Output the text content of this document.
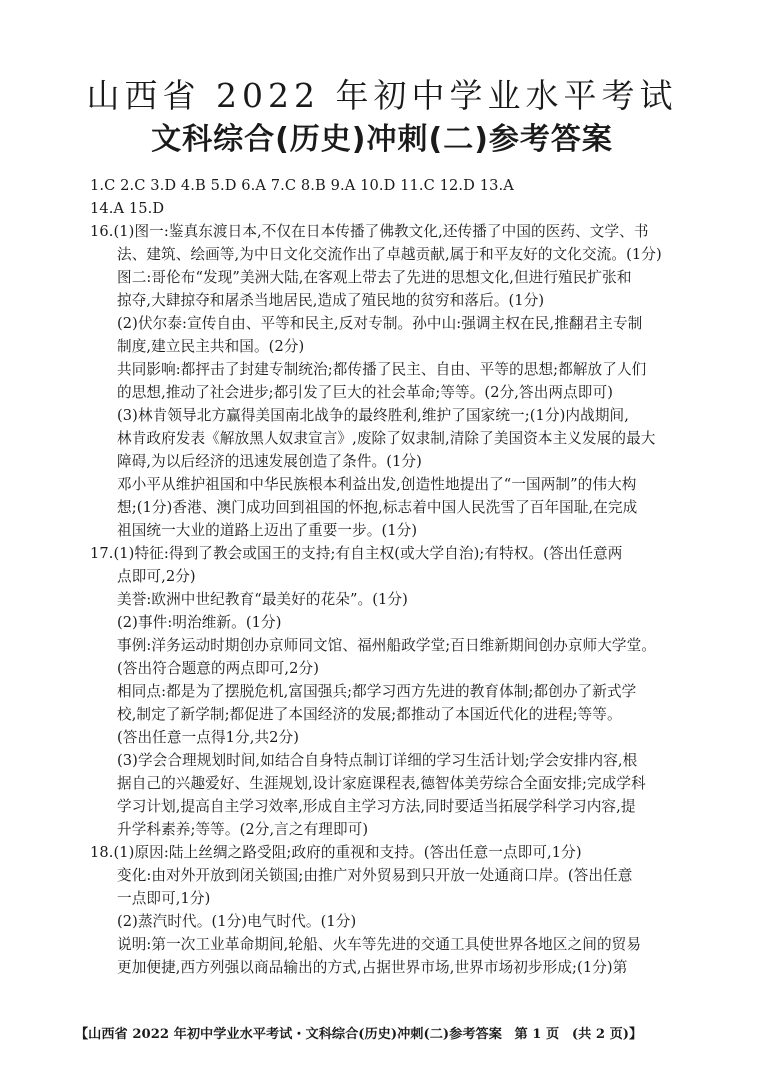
山西省 2022 年初中学业水平考试
文科综合(历史)冲刺(二)参考答案
1.C 2.C 3.D 4.B 5.D 6.A 7.C 8.B 9.A 10.D 11.C 12.D 13.A
14.A 15.D
16.(1)图一:鉴真东渡日本,不仅在日本传播了佛教文化,还传播了中国的医药、文学、书
法、建筑、绘画等,为中日文化交流作出了卓越贡献,属于和平友好的文化交流。(1分)
图二:哥伦布“发现”美洲大陆,在客观上带去了先进的思想文化,但进行殖民扩张和
掠夺,大肆掠夺和屠杀当地居民,造成了殖民地的贫穷和落后。(1分)
(2)伏尔泰:宣传自由、平等和民主,反对专制。孙中山:强调主权在民,推翻君主专制
制度,建立民主共和国。(2分)
共同影响:都抨击了封建专制统治;都传播了民主、自由、平等的思想;都解放了人们
的思想,推动了社会进步;都引发了巨大的社会革命;等等。(2分,答出两点即可)
(3)林肯领导北方赢得美国南北战争的最终胜利,维护了国家统一;(1分)内战期间,
林肯政府发表《解放黑人奴隶宣言》,废除了奴隶制,清除了美国资本主义发展的最大
障碍,为以后经济的迅速发展创造了条件。(1分)
邓小平从维护祖国和中华民族根本利益出发,创造性地提出了“一国两制”的伟大构
想;(1分)香港、澳门成功回到祖国的怀抱,标志着中国人民洗雪了百年国耻,在完成
祖国统一大业的道路上迈出了重要一步。(1分)
17.(1)特征:得到了教会或国王的支持;有自主权(或大学自治);有特权。(答出任意两
点即可,2分)
美誉:欧洲中世纪教育“最美好的花朵”。(1分)
(2)事件:明治维新。(1分)
事例:洋务运动时期创办京师同文馆、福州船政学堂;百日维新期间创办京师大学堂。
(答出符合题意的两点即可,2分)
相同点:都是为了摆脱危机,富国强兵;都学习西方先进的教育体制;都创办了新式学
校,制定了新学制;都促进了本国经济的发展;都推动了本国近代化的进程;等等。
(答出任意一点得1分,共2分)
(3)学会合理规划时间,如结合自身特点制订详细的学习生活计划;学会安排内容,根
据自己的兴趣爱好、生涯规划,设计家庭课程表,德智体美劳综合全面安排;完成学科
学习计划,提高自主学习效率,形成自主学习方法,同时要适当拓展学科学习内容,提
升学科素养;等等。(2分,言之有理即可)
18.(1)原因:陆上丝绸之路受阻;政府的重视和支持。(答出任意一点即可,1分)
变化:由对外开放到闭关锁国;由推广对外贸易到只开放一处通商口岸。(答出任意
一点即可,1分)
(2)蒸汽时代。(1分)电气时代。(1分)
说明:第一次工业革命期间,轮船、火车等先进的交通工具使世界各地区之间的贸易
更加便捷,西方列强以商品输出的方式,占据世界市场,世界市场初步形成;(1分)第
【山西省 2022 年初中学业水平考试・文科综合(历史)冲刺(二)参考答案 第 1 页 (共 2 页)】
